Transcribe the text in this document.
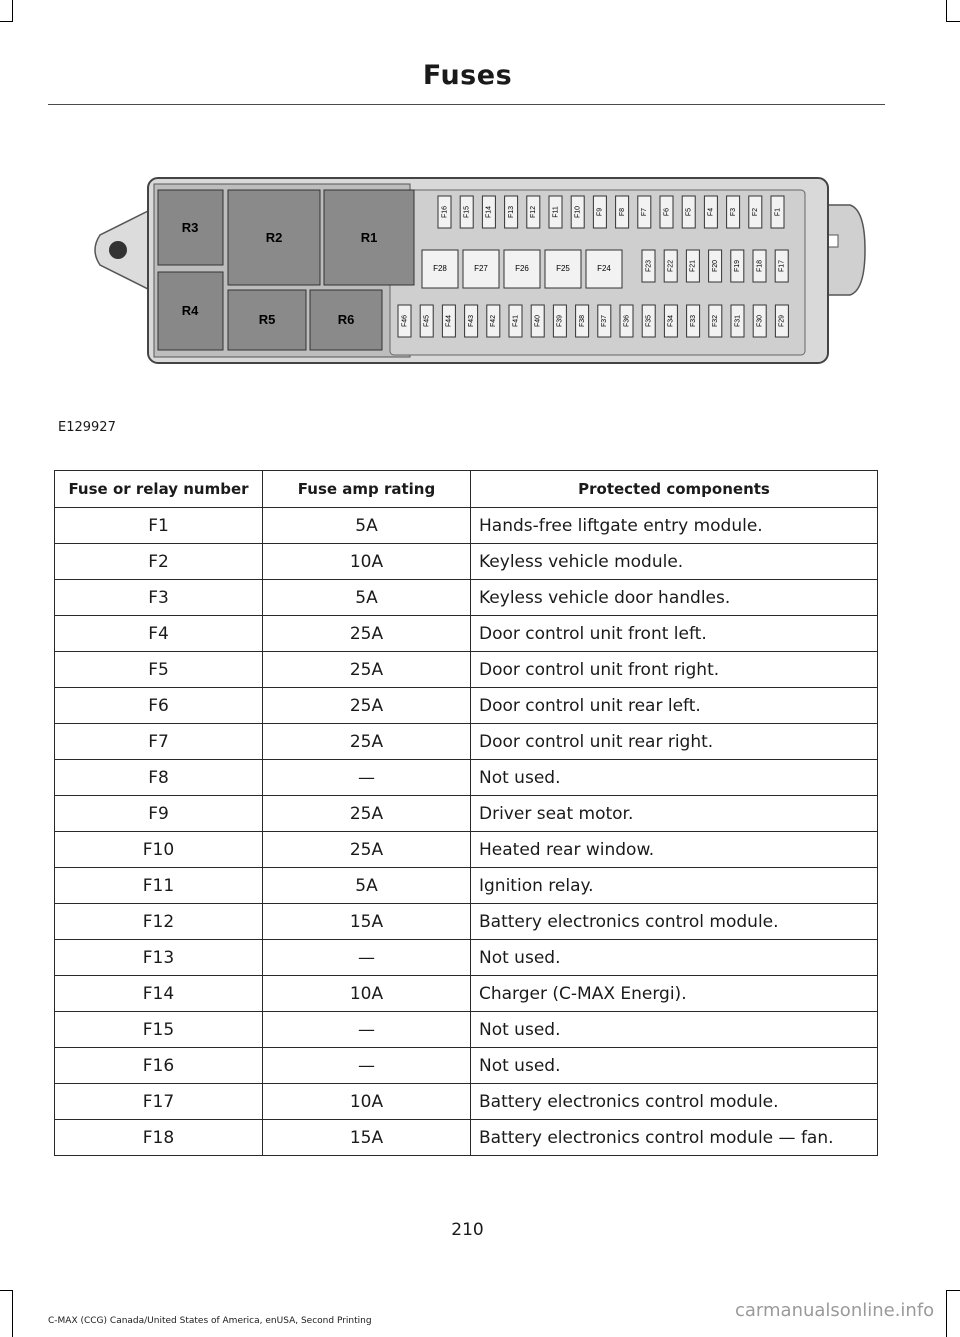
Fuses
R1
R2
R3
R4
R5	R6
F16 F15 F14 F13 F12 F11 F10 F9 F8 F7 F6 F5 F4 F3 F2 F1
F28	F27	F26	F25	F24	F23 F22 F21 F20 F19 F18 F17
F46 F45 F44 F43 F42 F41 F40 F39 F38 F37 F36 F35 F34 F33 F32 F31 F30 F29
E129927
Fuse or relay number	Fuse amp rating	Protected components
F1	5A	Hands-free liftgate entry module.
F2	10A	Keyless vehicle module.
F3	5A	Keyless vehicle door handles.
F4	25A	Door control unit front left.
F5	25A	Door control unit front right.
F6	25A	Door control unit rear left.
F7	25A	Door control unit rear right.
F8	—	Not used.
F9	25A	Driver seat motor.
F10	25A	Heated rear window.
F11	5A	Ignition relay.
F12	15A	Battery electronics control module.
F13	—	Not used.
F14	10A	Charger (C-MAX Energi).
F15	—	Not used.
F16	—	Not used.
F17	10A	Battery electronics control module.
F18	15A	Battery electronics control module — fan.
210
C-MAX (CCG) Canada/United States of America, enUSA, Second Printing	carmanualsonline.info
